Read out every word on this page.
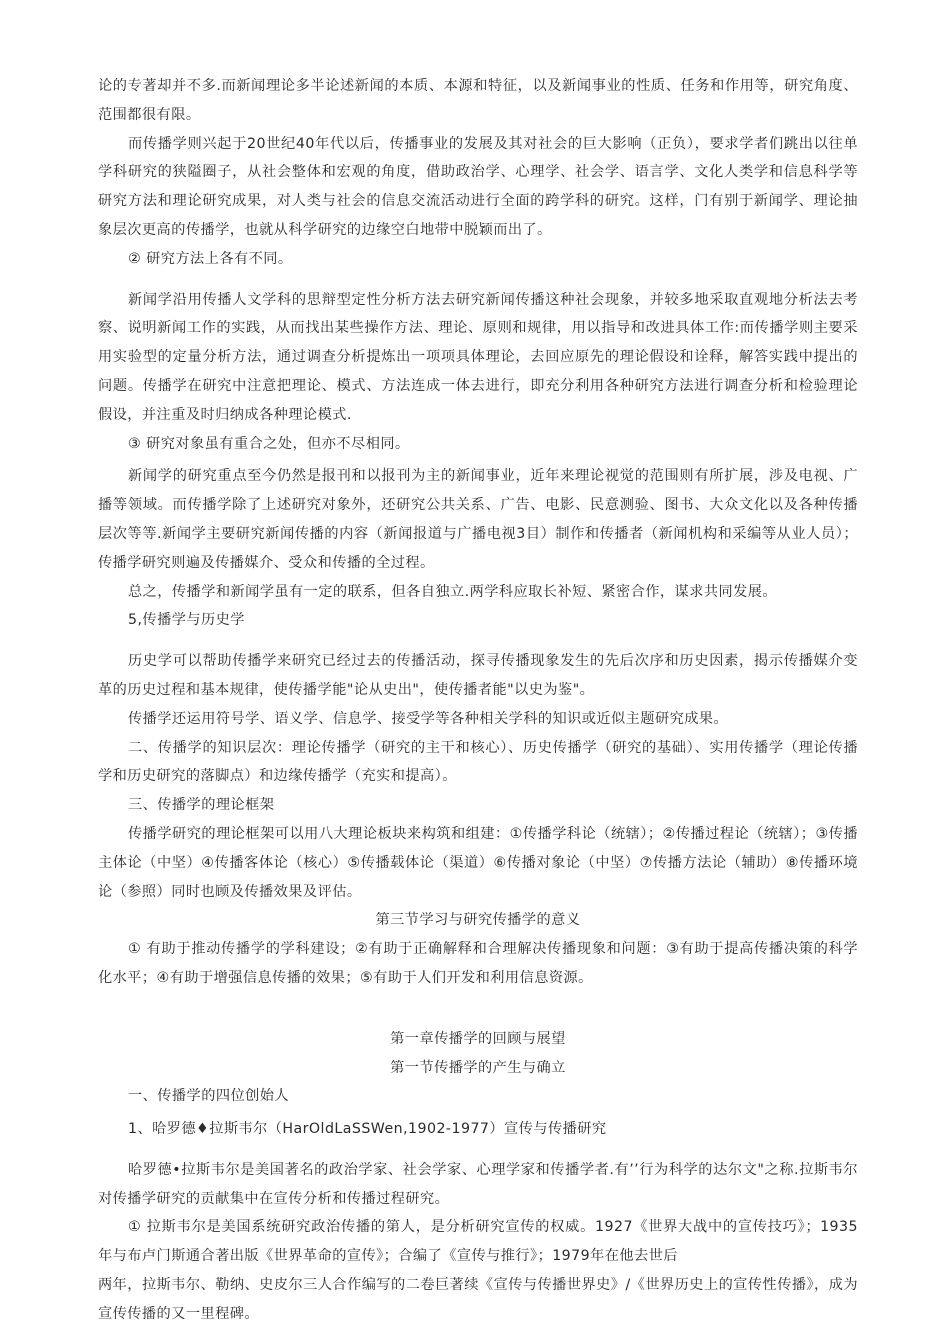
论的专著却并不多.而新闻理论多半论述新闻的本质、本源和特征，以及新闻事业的性质、任务和作用等，研究角度、范围都很有限。

而传播学则兴起于20世纪40年代以后，传播事业的发展及其对社会的巨大影响（正负），要求学者们跳出以往单学科研究的狭隘圈子，从社会整体和宏观的角度，借助政治学、心理学、社会学、语言学、文化人类学和信息科学等研究方法和理论研究成果，对人类与社会的信息交流活动进行全面的跨学科的研究。这样，门有别于新闻学、理论抽象层次更高的传播学，也就从科学研究的边缘空白地带中脱颖而出了。

② 研究方法上各有不同。

新闻学沿用传播人文学科的思辩型定性分析方法去研究新闻传播这种社会现象，并较多地采取直观地分析法去考察、说明新闻工作的实践，从而找出某些操作方法、理论、原则和规律，用以指导和改进具体工作:而传播学则主要采用实验型的定量分析方法，通过调查分析提炼出一项项具体理论，去回应原先的理论假设和诠释，解答实践中提出的问题。传播学在研究中注意把理论、模式、方法连成一体去进行，即充分利用各种研究方法进行调查分析和检验理论假设，并注重及时归纳成各种理论模式.

③ 研究对象虽有重合之处，但亦不尽相同。

新闻学的研究重点至今仍然是报刊和以报刊为主的新闻事业，近年来理论视觉的范围则有所扩展，涉及电视、广播等领域。而传播学除了上述研究对象外，还研究公共关系、广告、电影、民意测验、图书、大众文化以及各种传播层次等等.新闻学主要研究新闻传播的内容（新闻报道与广播电视3目）制作和传播者（新闻机构和采编等从业人员）；传播学研究则遍及传播媒介、受众和传播的全过程。

总之，传播学和新闻学虽有一定的联系，但各自独立.两学科应取长补短、紧密合作，谋求共同发展。

5,传播学与历史学

历史学可以帮助传播学来研究已经过去的传播活动，探寻传播现象发生的先后次序和历史因素，揭示传播媒介变革的历史过程和基本规律，使传播学能"论从史出"，使传播者能"以史为鉴"。

传播学还运用符号学、语义学、信息学、接受学等各种相关学科的知识或近似主题研究成果。

二、传播学的知识层次：理论传播学（研究的主干和核心）、历史传播学（研究的基础）、实用传播学（理论传播学和历史研究的落脚点）和边缘传播学（充实和提高）。

三、传播学的理论框架

传播学研究的理论框架可以用八大理论板块来构筑和组建：①传播学科论（统辖）；②传播过程论（统辖）；③传播主体论（中坚）④传播客体论（核心）⑤传播载体论（渠道）⑥传播对象论（中坚）⑦传播方法论（辅助）⑧传播环境论（参照）同时也顾及传播效果及评估。

第三节学习与研究传播学的意义

① 有助于推动传播学的学科建设；②有助于正确解释和合理解决传播现象和问题：③有助于提高传播决策的科学化水平；④有助于增强信息传播的效果；⑤有助于人们开发和利用信息资源。

第一章传播学的回顾与展望

第一节传播学的产生与确立

一、传播学的四位创始人

1、哈罗德♦拉斯韦尔（HarOldLaSSWen,1902-1977）宣传与传播研究

哈罗德•拉斯韦尔是美国著名的政治学家、社会学家、心理学家和传播学者.有’’行为科学的达尔文"之称.拉斯韦尔对传播学研究的贡献集中在宣传分析和传播过程研究。

① 拉斯韦尔是美国系统研究政治传播的第人，是分析研究宣传的权威。1927《世界大战中的宣传技巧》；1935年与布卢门斯通合著出版《世界革命的宣传》；合编了《宣传与推行》；1979年在他去世后

两年，拉斯韦尔、勒纳、史皮尔三人合作编写的二卷巨著续《宣传与传播世界史》/《世界历史上的宣传性传播》，成为宣传传播的又一里程碑。
